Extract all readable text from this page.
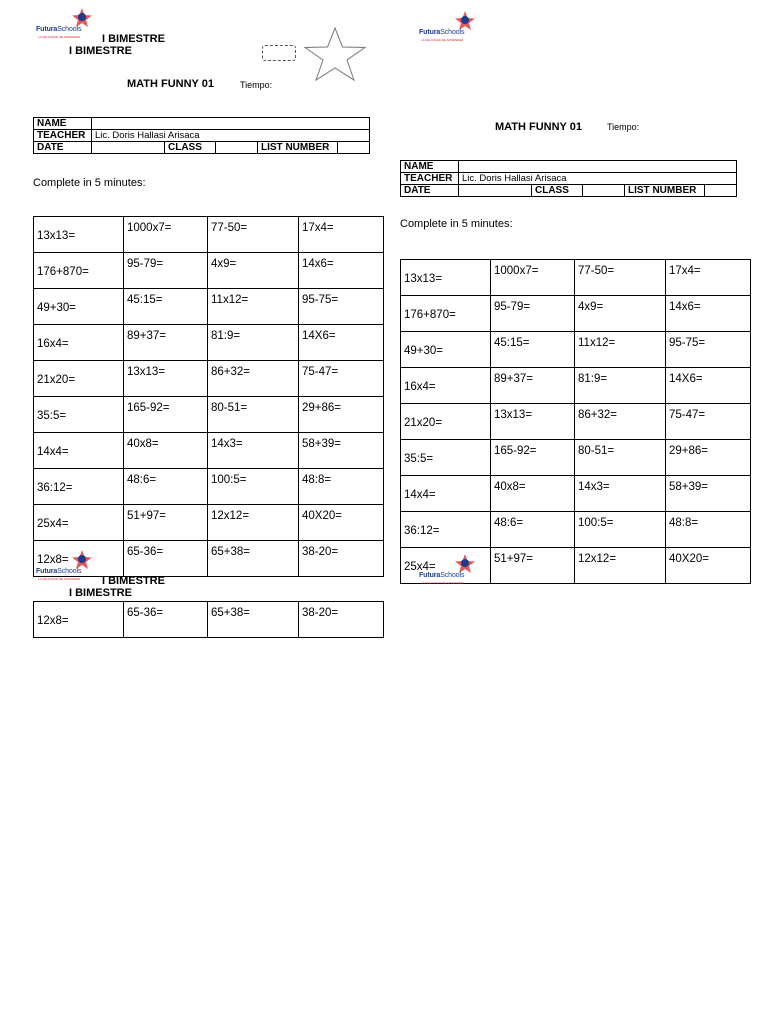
FuturaSchools
LA FELICIDAD DE APRENDER I BIMESTRE
I BIMESTRE
MATH FUNNY 01	Tiempo:
NAME					
TEACHER	Lic. Doris Hallasi Arisaca				
DATE		CLASS		LIST NUMBER	
Complete in 5 minutes:
13x13=	1000x7=	77-50=	17x4=
176+870=	95-79=	4x9=	14x6=
49+30=	45:15=	11x12=	95-75=
16x4=	89+37=	81:9=	14X6=
21x20=	13x13=	86+32=	75-47=
35:5=	165-92=	80-51=	29+86=
14x4=	40x8=	14x3=	58+39=
36:12=	48:6=	100:5=	48:8=
25x4=	51+97=	12x12=	40X20=
12x8=	65-36=	65+38=	38-20=
FuturaSchools
LA FELICIDAD DE APRENDER I BIMESTRE
I BIMESTRE
12x8=	65-36=	65+38=	38-20=
FuturaSchools
LA FELICIDAD DE APRENDER
MATH FUNNY 01	Tiempo:
NAME					
TEACHER	Lic. Doris Hallasi Arisaca				
DATE		CLASS		LIST NUMBER	
Complete in 5 minutes:
13x13=	1000x7=	77-50=	17x4=
176+870=	95-79=	4x9=	14x6=
49+30=	45:15=	11x12=	95-75=
16x4=	89+37=	81:9=	14X6=
21x20=	13x13=	86+32=	75-47=
35:5=	165-92=	80-51=	29+86=
14x4=	40x8=	14x3=	58+39=
36:12=	48:6=	100:5=	48:8=
25x4=	51+97=	12x12=	40X20=
FuturaSchools
LA FELICIDAD DE APRENDER
